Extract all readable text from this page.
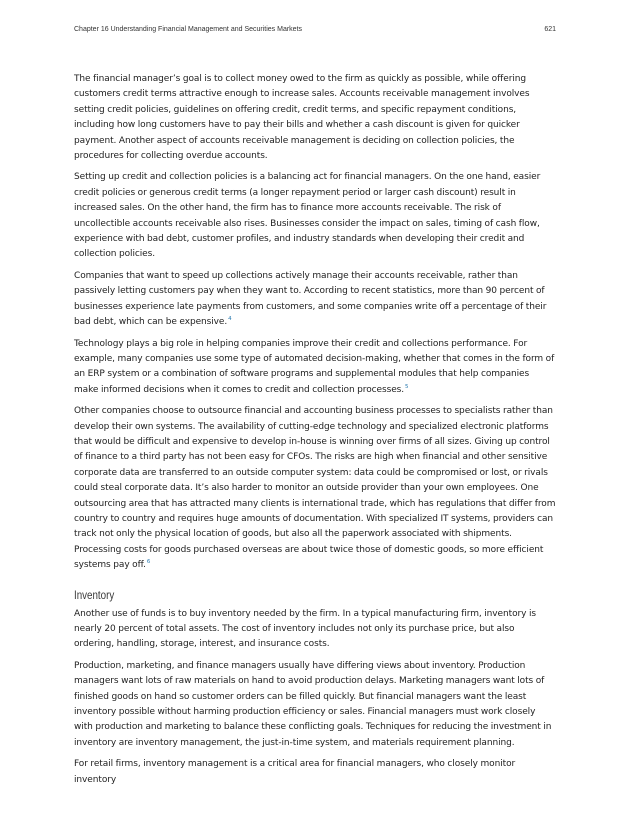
Chapter 16 Understanding Financial Management and Securities Markets	621

The financial manager’s goal is to collect money owed to the firm as quickly as possible, while offering customers credit terms attractive enough to increase sales. Accounts receivable management involves setting credit policies, guidelines on offering credit, credit terms, and specific repayment conditions, including how long customers have to pay their bills and whether a cash discount is given for quicker payment. Another aspect of accounts receivable management is deciding on collection policies, the procedures for collecting overdue accounts.

Setting up credit and collection policies is a balancing act for financial managers. On the one hand, easier credit policies or generous credit terms (a longer repayment period or larger cash discount) result in increased sales. On the other hand, the firm has to finance more accounts receivable. The risk of uncollectible accounts receivable also rises. Businesses consider the impact on sales, timing of cash flow, experience with bad debt, customer profiles, and industry standards when developing their credit and collection policies.

Companies that want to speed up collections actively manage their accounts receivable, rather than passively letting customers pay when they want to. According to recent statistics, more than 90 percent of businesses experience late payments from customers, and some companies write off a percentage of their bad debt, which can be expensive.$^4$

Technology plays a big role in helping companies improve their credit and collections performance. For example, many companies use some type of automated decision-making, whether that comes in the form of an ERP system or a combination of software programs and supplemental modules that help companies make informed decisions when it comes to credit and collection processes.$^5$

Other companies choose to outsource financial and accounting business processes to specialists rather than develop their own systems. The availability of cutting-edge technology and specialized electronic platforms that would be difficult and expensive to develop in-house is winning over firms of all sizes. Giving up control of finance to a third party has not been easy for CFOs. The risks are high when financial and other sensitive corporate data are transferred to an outside computer system: data could be compromised or lost, or rivals could steal corporate data. It’s also harder to monitor an outside provider than your own employees. One outsourcing area that has attracted many clients is international trade, which has regulations that differ from country to country and requires huge amounts of documentation. With specialized IT systems, providers can track not only the physical location of goods, but also all the paperwork associated with shipments. Processing costs for goods purchased overseas are about twice those of domestic goods, so more efficient systems pay off.$^6$

Inventory

Another use of funds is to buy inventory needed by the firm. In a typical manufacturing firm, inventory is nearly 20 percent of total assets. The cost of inventory includes not only its purchase price, but also ordering, handling, storage, interest, and insurance costs.

Production, marketing, and finance managers usually have differing views about inventory. Production managers want lots of raw materials on hand to avoid production delays. Marketing managers want lots of finished goods on hand so customer orders can be filled quickly. But financial managers want the least inventory possible without harming production efficiency or sales. Financial managers must work closely with production and marketing to balance these conflicting goals. Techniques for reducing the investment in inventory are inventory management, the just-in-time system, and materials requirement planning.

For retail firms, inventory management is a critical area for financial managers, who closely monitor inventory
